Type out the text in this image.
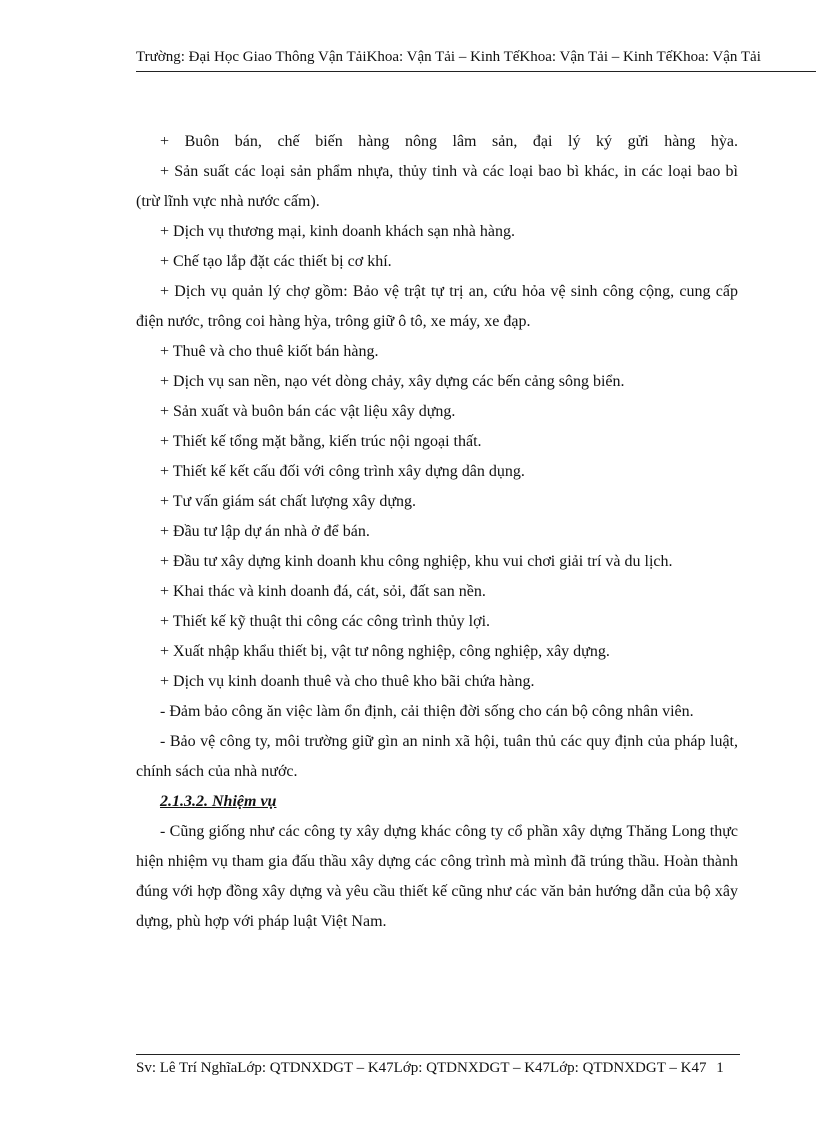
Trường: Đại Học Giao Thông Vận TảiKhoa: Vận Tải – Kinh TếKhoa: Vận Tải – Kinh TếKhoa: Vận Tải

+ Buôn bán, chế biến hàng nông lâm sản, đại lý ký gửi hàng hỳa.

+ Sản suất các loại sản phẩm nhựa, thủy tinh và các loại bao bì khác, in các loại bao bì (trừ lĩnh vực nhà nước cấm).

+ Dịch vụ thương mại, kinh doanh khách sạn nhà hàng.

+ Chế tạo lắp đặt các thiết bị cơ khí.

+ Dịch vụ quản lý chợ gồm: Bảo vệ trật tự trị an, cứu hỏa vệ sinh công cộng, cung cấp điện nước, trông coi hàng hỳa, trông giữ ô tô, xe máy, xe đạp.

+ Thuê và cho thuê kiốt bán hàng.

+ Dịch vụ san nền, nạo vét dòng chảy, xây dựng các bến cảng sông biển.

+ Sản xuất và buôn bán các vật liệu xây dựng.

+ Thiết kế tổng mặt bằng, kiến trúc nội ngoại thất.

+ Thiết kế kết cấu đối với công trình xây dựng dân dụng.

+ Tư vấn giám sát chất lượng xây dựng.

+ Đầu tư lập dự án nhà ở để bán.

+ Đầu tư xây dựng kinh doanh khu công nghiệp, khu vui chơi giải trí và du lịch.

+ Khai thác và kinh doanh đá, cát, sỏi, đất san nền.

+ Thiết kế kỹ thuật thi công các công trình thủy lợi.

+ Xuất nhập khẩu thiết bị, vật tư nông nghiệp, công nghiệp, xây dựng.

+ Dịch vụ kinh doanh thuê và cho thuê kho bãi chứa hàng.

- Đảm bảo công ăn việc làm ổn định, cải thiện đời sống cho cán bộ công nhân viên.

- Bảo vệ công ty, môi trường giữ gìn an ninh xã hội, tuân thủ các quy định của pháp luật, chính sách của nhà nước.

2.1.3.2. Nhiệm vụ

- Cũng giống như các công ty xây dựng khác công ty cổ phần xây dựng Thăng Long thực hiện nhiệm vụ tham gia đấu thầu xây dựng các công trình mà mình đã trúng thầu. Hoàn thành đúng với hợp đồng xây dựng và yêu cầu thiết kế cũng như các văn bản hướng dẫn của bộ xây dựng, phù hợp với pháp luật Việt Nam.

Sv: Lê Trí NghĩaLớp: QTDNXDGT – K47Lớp: QTDNXDGT – K47Lớp: QTDNXDGT – K47 1
